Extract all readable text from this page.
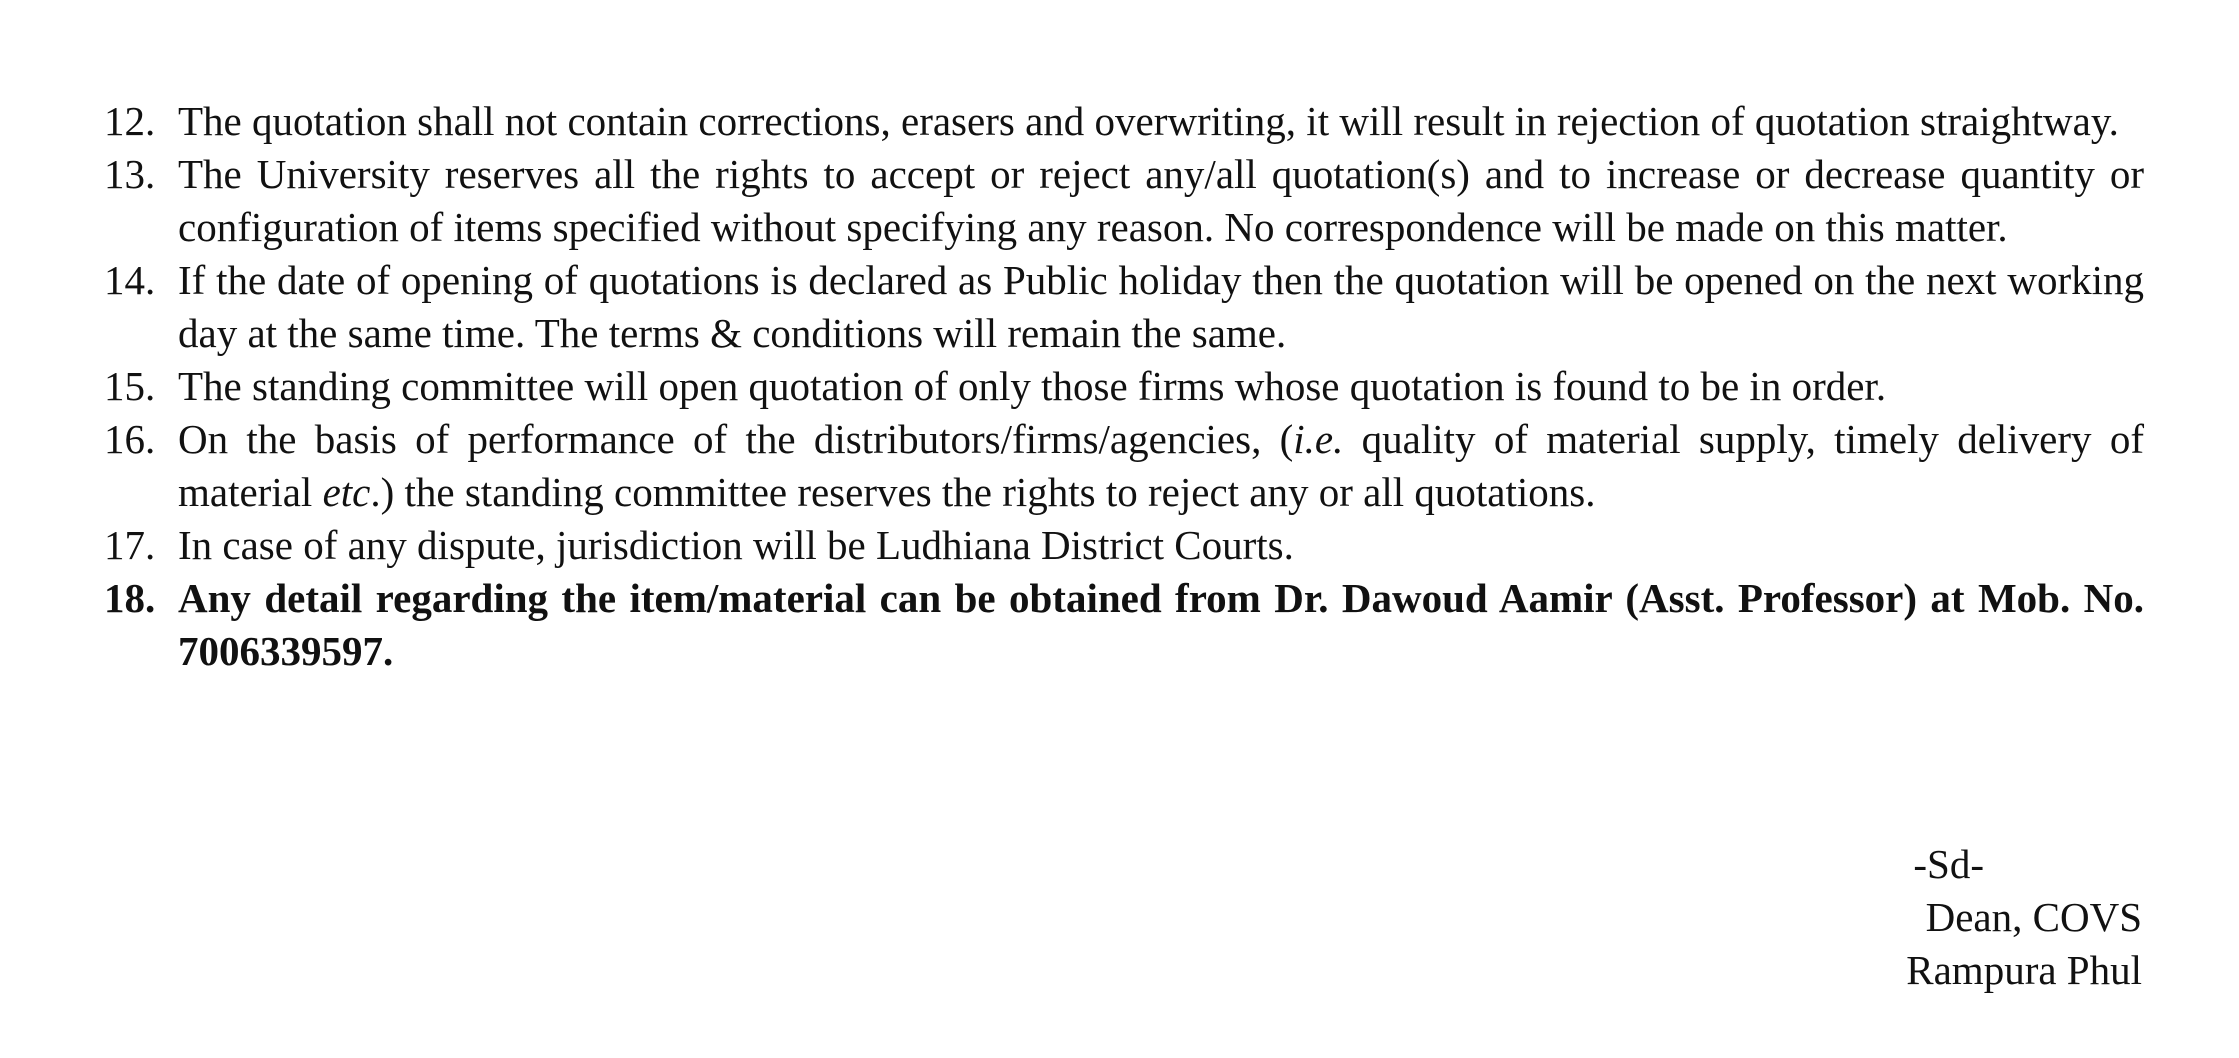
12. The quotation shall not contain corrections, erasers and overwriting, it will result in rejection of quotation straightway.
13. The University reserves all the rights to accept or reject any/all quotation(s) and to increase or decrease quantity or configuration of items specified without specifying any reason. No correspondence will be made on this matter.
14. If the date of opening of quotations is declared as Public holiday then the quotation will be opened on the next working day at the same time. The terms & conditions will remain the same.
15. The standing committee will open quotation of only those firms whose quotation is found to be in order.
16. On the basis of performance of the distributors/firms/agencies, (i.e. quality of material supply, timely delivery of material etc.) the standing committee reserves the rights to reject any or all quotations.
17. In case of any dispute, jurisdiction will be Ludhiana District Courts.
18. Any detail regarding the item/material can be obtained from Dr. Dawoud Aamir (Asst. Professor) at Mob. No. 7006339597.
-Sd-
Dean, COVS
Rampura Phul
